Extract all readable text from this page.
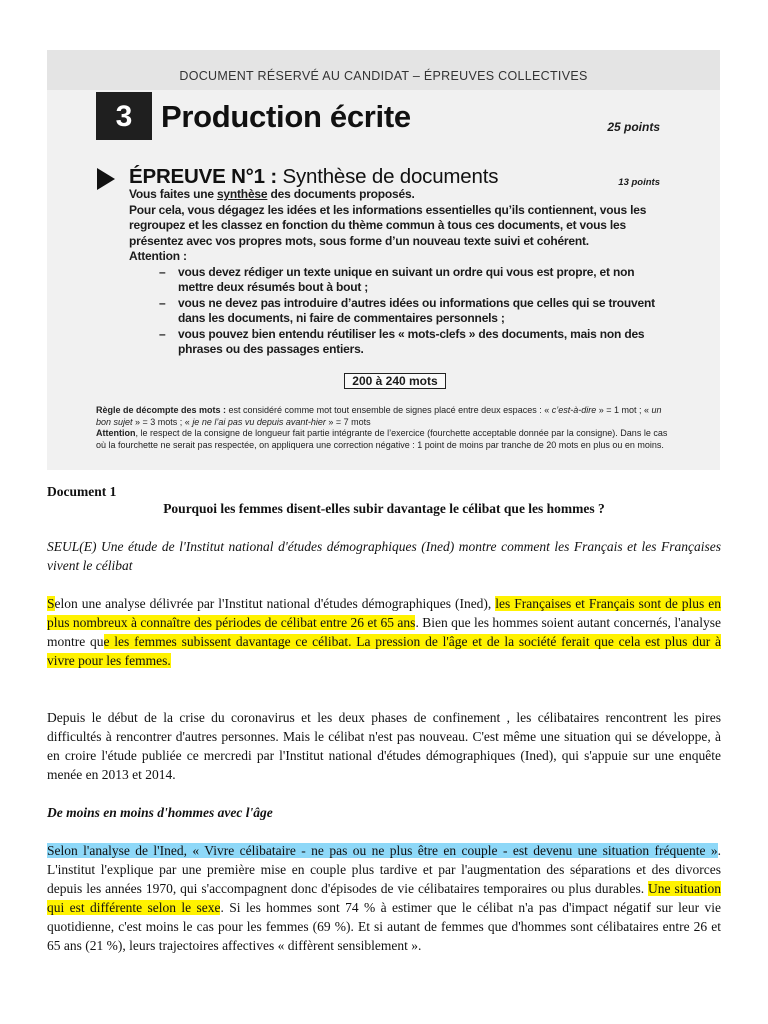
DOCUMENT RÉSERVÉ AU CANDIDAT – ÉPREUVES COLLECTIVES
3 Production écrite	25 points
ÉPREUVE N°1 : Synthèse de documents	13 points

Vous faites une synthèse des documents proposés.

Pour cela, vous dégagez les idées et les informations essentielles qu’ils contiennent, vous les regroupez et les classez en fonction du thème commun à tous ces documents, et vous les présentez avec vos propres mots, sous forme d’un nouveau texte suivi et cohérent.

Attention :

– vous devez rédiger un texte unique en suivant un ordre qui vous est propre, et non mettre deux résumés bout à bout ;
– vous ne devez pas introduire d’autres idées ou informations que celles qui se trouvent dans les documents, ni faire de commentaires personnels ;
– vous pouvez bien entendu réutiliser les « mots-clefs » des documents, mais non des phrases ou des passages entiers.
200 à 240 mots
Règle de décompte des mots : est considéré comme mot tout ensemble de signes placé entre deux espaces : « c’est-à-dire » = 1 mot ; « un bon sujet » = 3 mots ; « je ne l’ai pas vu depuis avant-hier » = 7 mots
Attention, le respect de la consigne de longueur fait partie intégrante de l’exercice (fourchette acceptable donnée par la consigne). Dans le cas où la fourchette ne serait pas respectée, on appliquera une correction négative : 1 point de moins par tranche de 20 mots en plus ou en moins.
Document 1
Pourquoi les femmes disent-elles subir davantage le célibat que les hommes ?
SEUL(E) Une étude de l'Institut national d'études démographiques (Ined) montre comment les Français et les Françaises vivent le célibat
Selon une analyse délivrée par l'Institut national d'études démographiques (Ined), les Françaises et Français sont de plus en plus nombreux à connaître des périodes de célibat entre 26 et 65 ans. Bien que les hommes soient autant concernés, l'analyse montre que les femmes subissent davantage ce célibat. La pression de l'âge et de la société ferait que cela est plus dur à vivre pour les femmes.
Depuis le début de la crise du coronavirus et les deux phases de confinement , les célibataires rencontrent les pires difficultés à rencontrer d'autres personnes. Mais le célibat n'est pas nouveau. C'est même une situation qui se développe, à en croire l'étude publiée ce mercredi par l'Institut national d'études démographiques (Ined), qui s'appuie sur une enquête menée en 2013 et 2014.
De moins en moins d'hommes avec l'âge
Selon l'analyse de l'Ined, « Vivre célibataire - ne pas ou ne plus être en couple - est devenu une situation fréquente ». L'institut l'explique par une première mise en couple plus tardive et par l'augmentation des séparations et des divorces depuis les années 1970, qui s'accompagnent donc d'épisodes de vie célibataires temporaires ou plus durables. Une situation qui est différente selon le sexe. Si les hommes sont 74 % à estimer que le célibat n'a pas d'impact négatif sur leur vie quotidienne, c'est moins le cas pour les femmes (69 %). Et si autant de femmes que d'hommes sont célibataires entre 26 et 65 ans (21 %), leurs trajectoires affectives « diffèrent sensiblement ».
